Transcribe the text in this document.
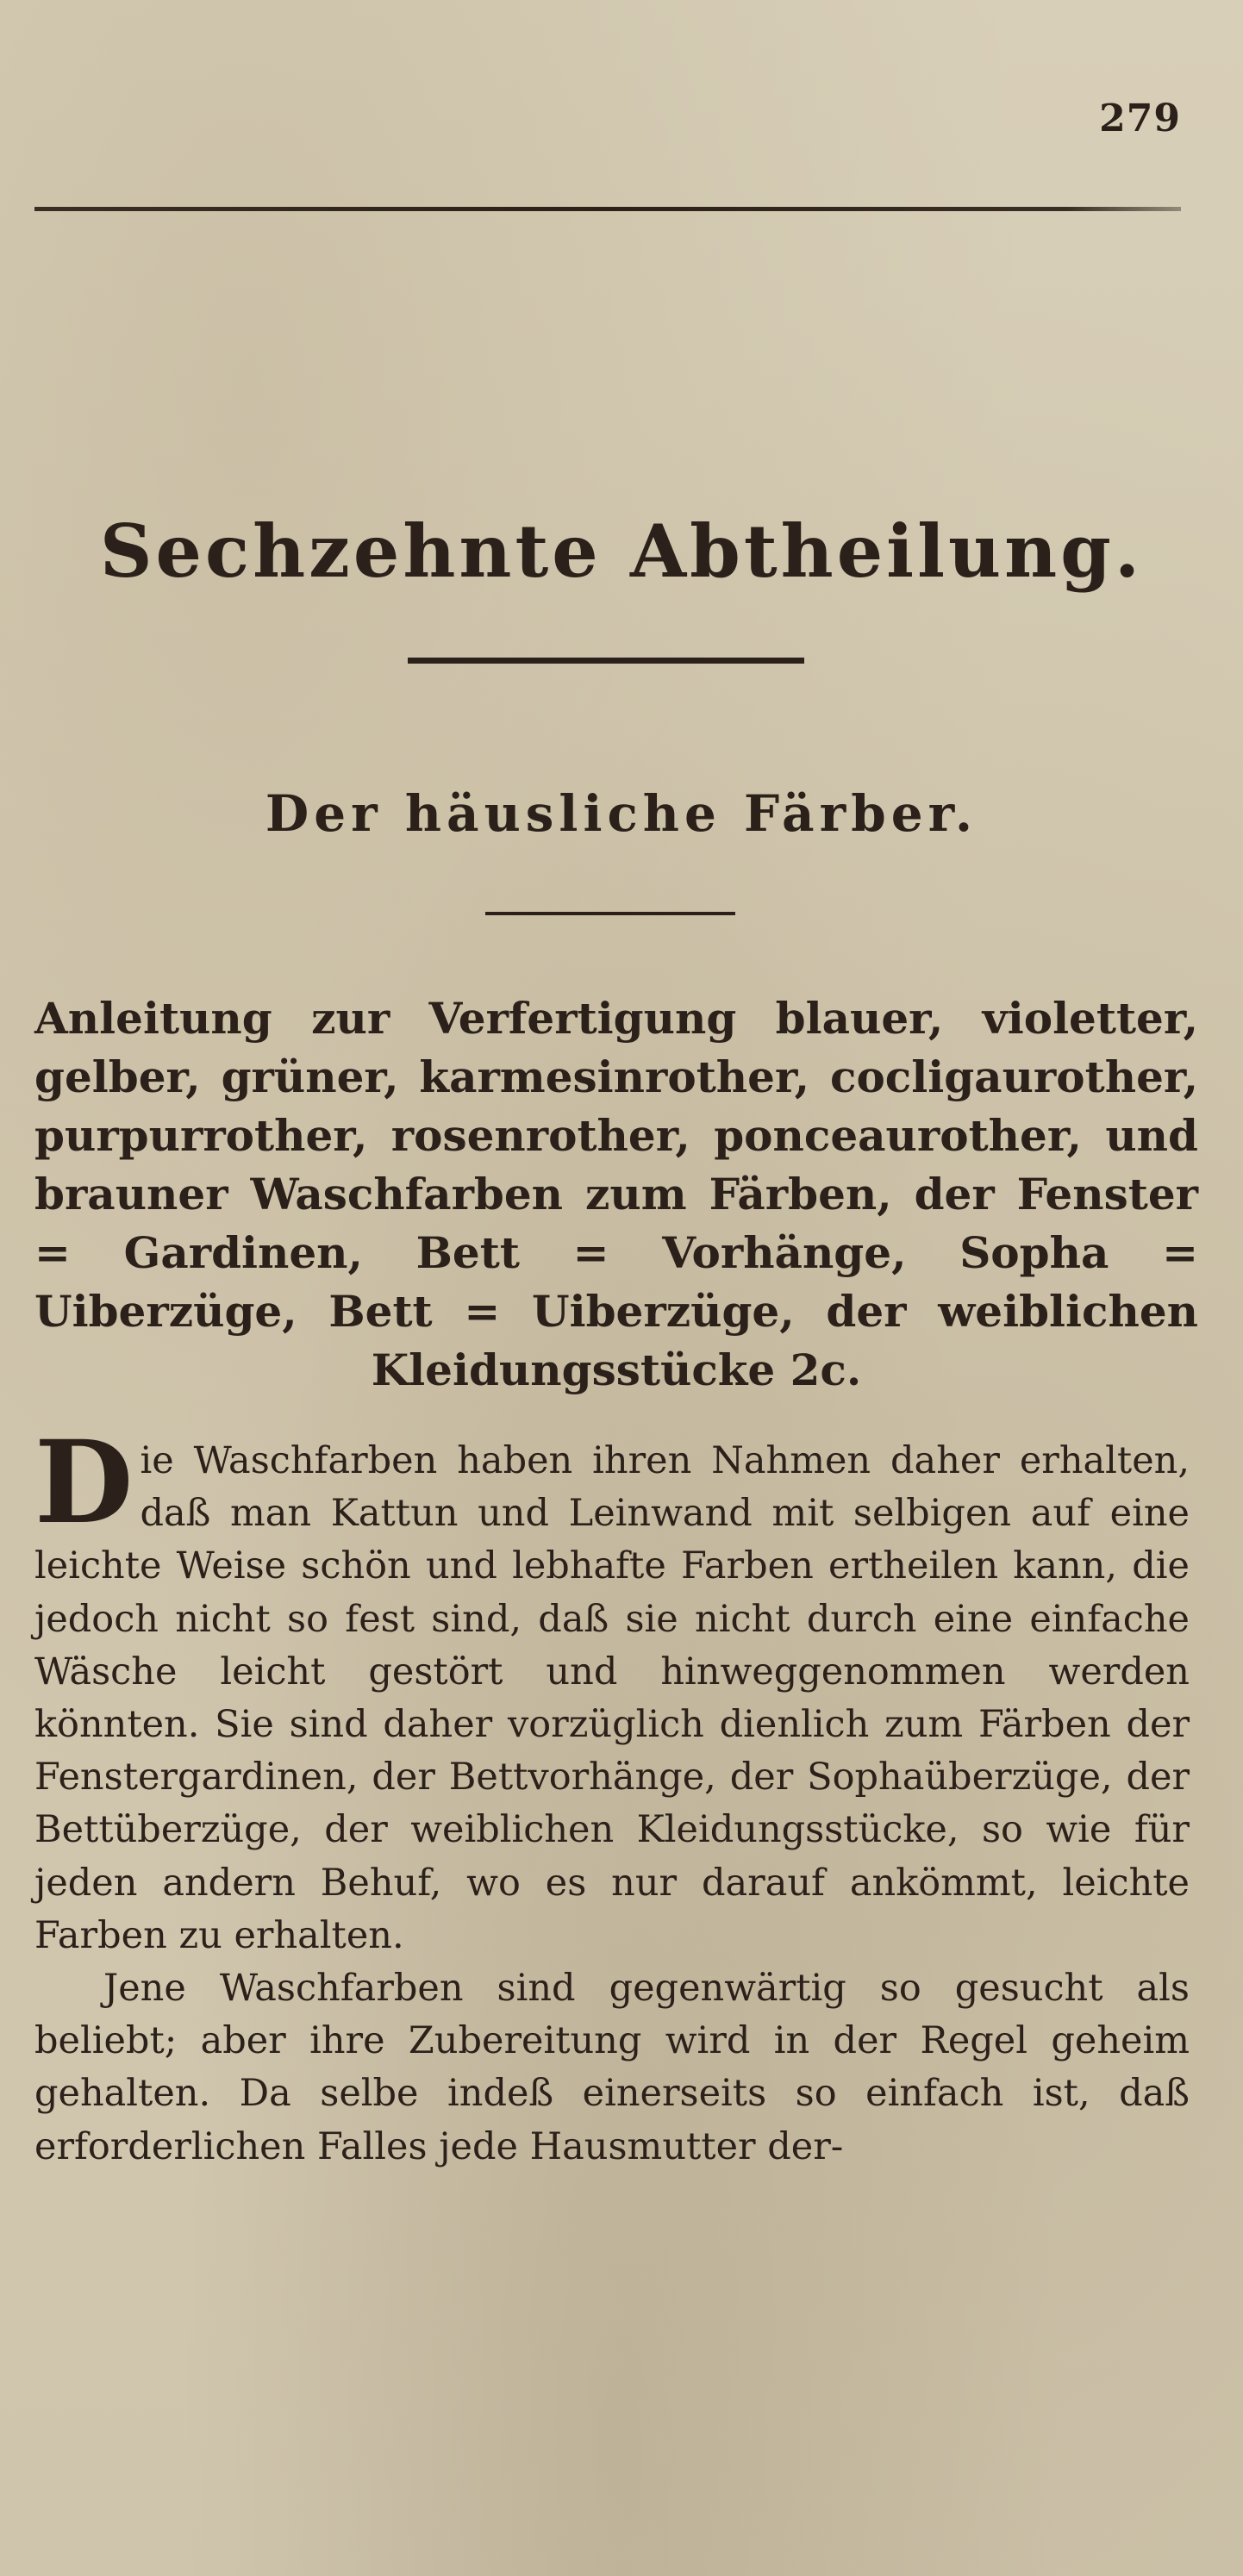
279
Sechzehnte Abtheilung.
Der häusliche Färber.
Anleitung zur Verfertigung blauer, violetter, gelber, grüner, karmesinrother, cocligaurother, purpurrother, rosenrother, ponceaurother, und brauner Waschfarben zum Färben, der Fenster = Gardinen, Bett = Vorhänge, Sopha = Uiberzüge, Bett = Uiberzüge, der weiblichen Kleidungsstücke 2c.

Die Waschfarben haben ihren Nahmen daher erhalten, daß man Kattun und Leinwand mit selbigen auf eine leichte Weise schön und lebhafte Farben ertheilen kann, die jedoch nicht so fest sind, daß sie nicht durch eine einfache Wäsche leicht gestört und hinweggenommen werden könnten. Sie sind daher vorzüglich dienlich zum Färben der Fenstergardinen, der Bettvorhänge, der Sophaüberzüge, der Bettüberzüge, der weiblichen Kleidungsstücke, so wie für jeden andern Behuf, wo es nur darauf ankömmt, leichte Farben zu erhalten.

Jene Waschfarben sind gegenwärtig so gesucht als beliebt; aber ihre Zubereitung wird in der Regel geheim gehalten. Da selbe indeß einerseits so einfach ist, daß erforderlichen Falles jede Hausmutter der-
